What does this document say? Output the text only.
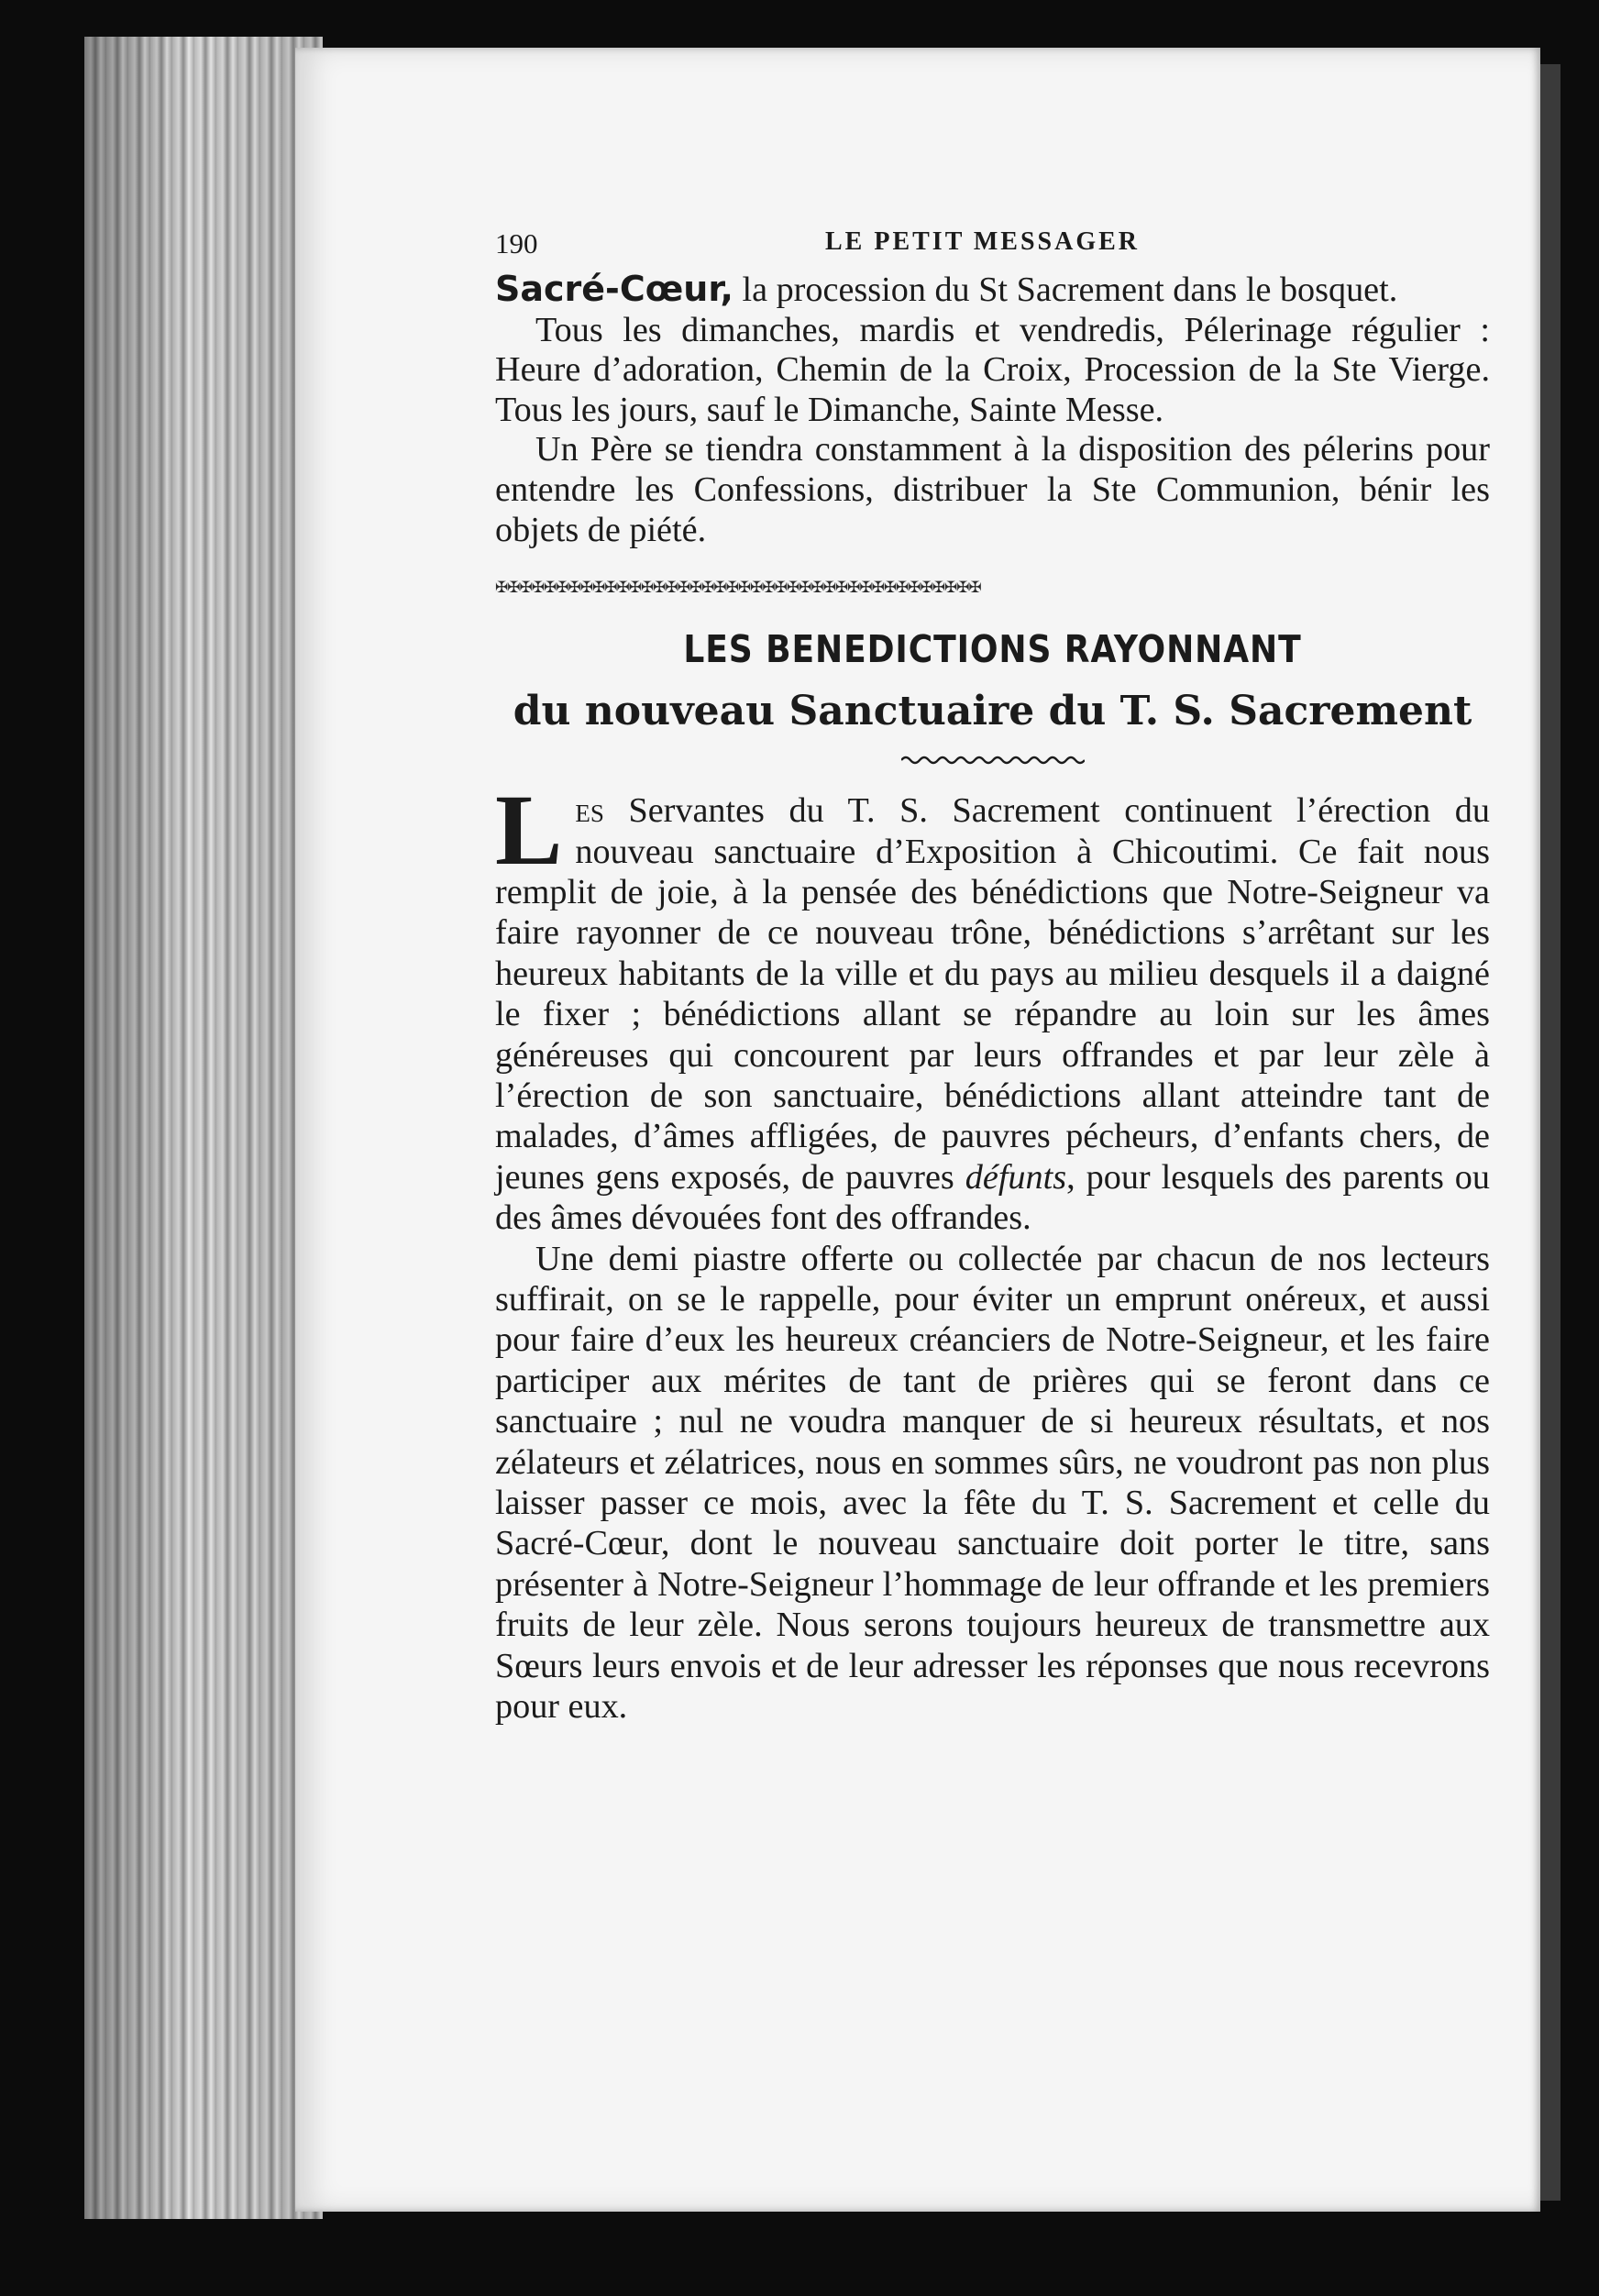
190	LE PETIT MESSAGER

Sacré-Cœur, la procession du St Sacrement dans le bosquet.

Tous les dimanches, mardis et vendredis, Pélerinage régulier : Heure d’adoration, Chemin de la Croix, Procession de la Ste Vierge. Tous les jours, sauf le Dimanche, Sainte Messe.

Un Père se tiendra constamment à la disposition des pélerins pour entendre les Confessions, distribuer la Ste Communion, bénir les objets de piété.

✠✠✠✠✠✠✠✠✠✠✠✠✠✠✠✠✠✠✠✠✠✠✠✠✠✠✠✠✠✠✠✠✠✠✠✠✠✠✠✠
LES BENEDICTIONS RAYONNANT
du nouveau Sanctuaire du T. S. Sacrement

Les Servantes du T. S. Sacrement continuent l’érection du nouveau sanctuaire d’Exposition à Chicoutimi. Ce fait nous remplit de joie, à la pensée des bénédictions que Notre-Seigneur va faire rayonner de ce nouveau trône, bénédictions s’arrêtant sur les heureux habitants de la ville et du pays au milieu desquels il a daigné le fixer ; bénédictions allant se répandre au loin sur les âmes généreuses qui concourent par leurs offrandes et par leur zèle à l’érection de son sanctuaire, bénédictions allant atteindre tant de malades, d’âmes affligées, de pauvres pécheurs, d’enfants chers, de jeunes gens exposés, de pauvres défunts, pour lesquels des parents ou des âmes dévouées font des offrandes.

Une demi piastre offerte ou collectée par chacun de nos lecteurs suffirait, on se le rappelle, pour éviter un emprunt onéreux, et aussi pour faire d’eux les heureux créanciers de Notre-Seigneur, et les faire participer aux mérites de tant de prières qui se feront dans ce sanctuaire ; nul ne voudra manquer de si heureux résultats, et nos zélateurs et zélatrices, nous en sommes sûrs, ne voudront pas non plus laisser passer ce mois, avec la fête du T. S. Sacrement et celle du Sacré-Cœur, dont le nouveau sanctuaire doit porter le titre, sans présenter à Notre-Seigneur l’hommage de leur offrande et les premiers fruits de leur zèle. Nous serons toujours heureux de transmettre aux Sœurs leurs envois et de leur adresser les réponses que nous recevrons pour eux.
